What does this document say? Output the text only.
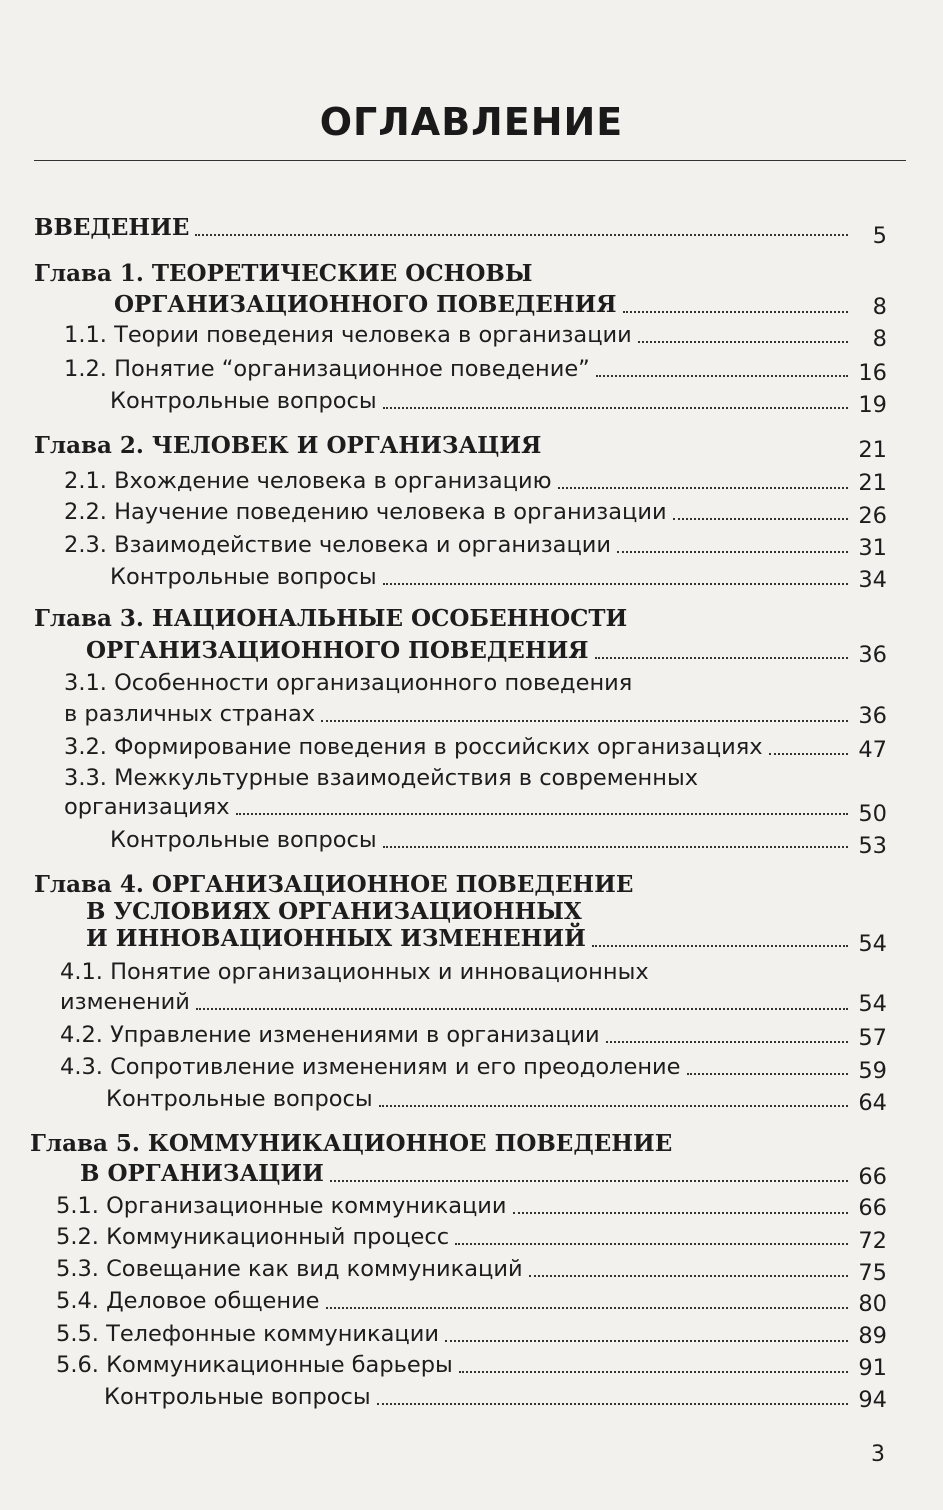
ОГЛАВЛЕНИЕ
ВВЕДЕНИЕ	5
Глава 1. ТЕОРЕТИЧЕСКИЕ ОСНОВЫ
ОРГАНИЗАЦИОННОГО ПОВЕДЕНИЯ	8
1.1. Теории поведения человека в организации	8
1.2. Понятие “организационное поведение”	16
Контрольные вопросы	19
Глава 2. ЧЕЛОВЕК И ОРГАНИЗАЦИЯ	21
2.1. Вхождение человека в организацию	21
2.2. Научение поведению человека в организации	26
2.3. Взаимодействие человека и организации	31
Контрольные вопросы	34
Глава 3. НАЦИОНАЛЬНЫЕ ОСОБЕННОСТИ
ОРГАНИЗАЦИОННОГО ПОВЕДЕНИЯ	36
3.1. Особенности организационного поведения
в различных странах	36
3.2. Формирование поведения в российских организациях	47
3.3. Межкультурные взаимодействия в современных
организациях	50
Контрольные вопросы	53
Глава 4. ОРГАНИЗАЦИОННОЕ ПОВЕДЕНИЕ
В УСЛОВИЯХ ОРГАНИЗАЦИОННЫХ
И ИННОВАЦИОННЫХ ИЗМЕНЕНИЙ	54
4.1. Понятие организационных и инновационных
изменений	54
4.2. Управление изменениями в организации	57
4.3. Сопротивление изменениям и его преодоление	59
Контрольные вопросы	64
Глава 5. КОММУНИКАЦИОННОЕ ПОВЕДЕНИЕ
В ОРГАНИЗАЦИИ	66
5.1. Организационные коммуникации	66
5.2. Коммуникационный процесс	72
5.3. Совещание как вид коммуникаций	75
5.4. Деловое общение	80
5.5. Телефонные коммуникации	89
5.6. Коммуникационные барьеры	91
Контрольные вопросы	94
3
